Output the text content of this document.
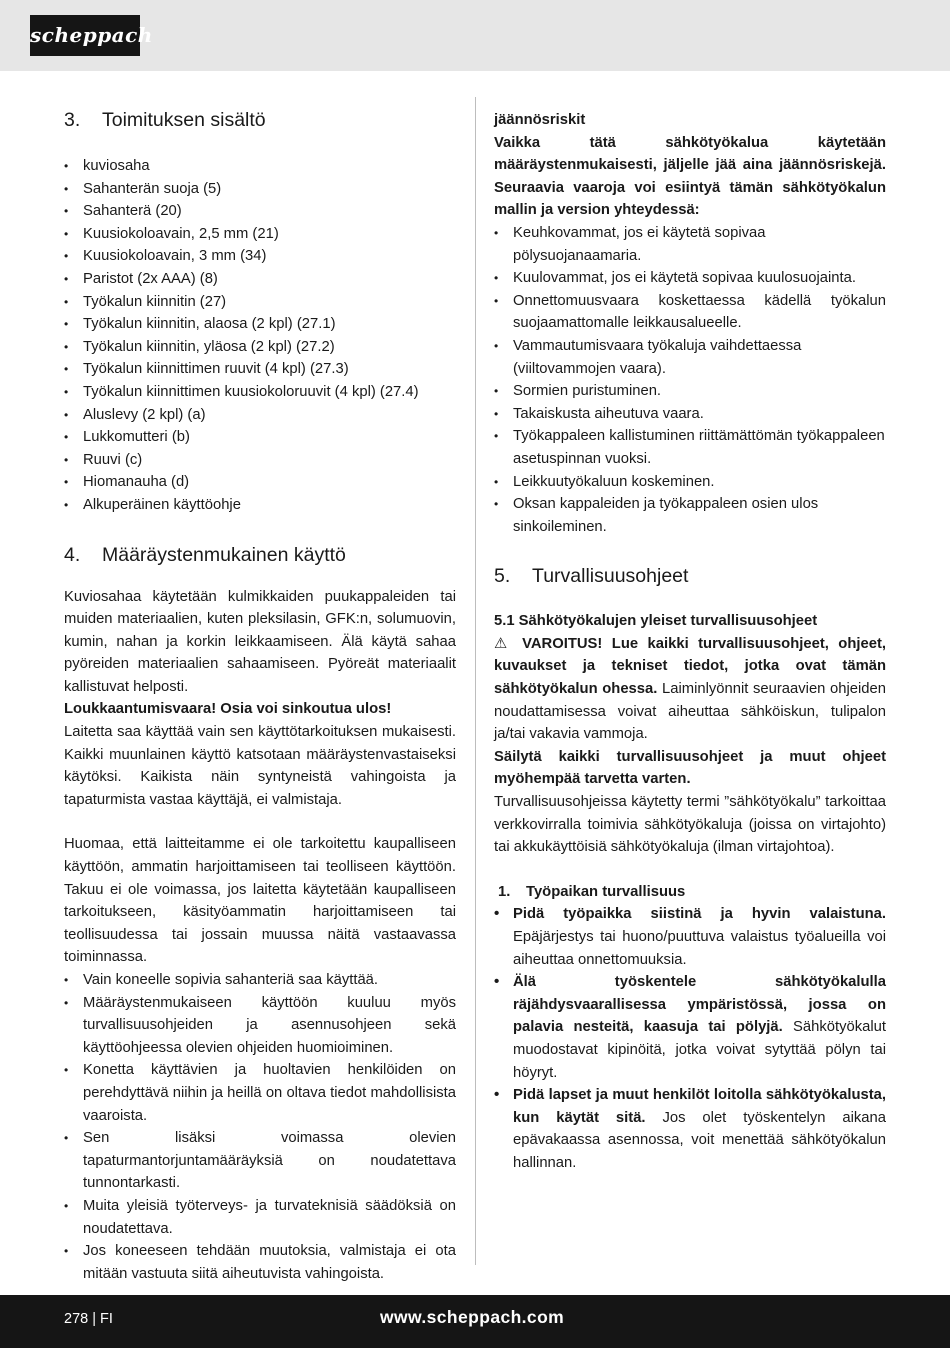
scheppach
3. Toimituksen sisältö
• kuviosaha
• Sahanterän suoja (5)
• Sahanterä (20)
• Kuusiokoloavain, 2,5 mm (21)
• Kuusiokoloavain, 3 mm (34)
• Paristot (2x AAA) (8)
• Työkalun kiinnitin (27)
• Työkalun kiinnitin, alaosa (2 kpl) (27.1)
• Työkalun kiinnitin, yläosa (2 kpl) (27.2)
• Työkalun kiinnittimen ruuvit (4 kpl) (27.3)
• Työkalun kiinnittimen kuusiokoloruuvit (4 kpl) (27.4)
• Aluslevy (2 kpl) (a)
• Lukkomutteri (b)
• Ruuvi (c)
• Hiomanauha (d)
• Alkuperäinen käyttöohje
4. Määräystenmukainen käyttö

Kuviosahaa käytetään kulmikkaiden puukappaleiden tai muiden materiaalien, kuten pleksilasin, GFK:n, solumuovin, kumin, nahan ja korkin leikkaamiseen. Älä käytä sahaa pyöreiden materiaalien sahaamiseen. Pyöreät materiaalit kallistuvat helposti.
Loukkaantumisvaara! Osia voi sinkoutua ulos!
Laitetta saa käyttää vain sen käyttötarkoituksen mukaisesti. Kaikki muunlainen käyttö katsotaan määräystenvastaiseksi käytöksi. Kaikista näin syntyneistä vahingoista ja tapaturmista vastaa käyttäjä, ei valmistaja.

Huomaa, että laitteitamme ei ole tarkoitettu kaupalliseen käyttöön, ammatin harjoittamiseen tai teolliseen käyttöön. Takuu ei ole voimassa, jos laitetta käytetään kaupalliseen tarkoitukseen, käsityöammatin harjoittamiseen tai teollisuudessa tai jossain muussa näitä vastaavassa toiminnassa.

• Vain koneelle sopivia sahanteriä saa käyttää.
• Määräystenmukaiseen käyttöön kuuluu myös turvallisuusohjeiden ja asennusohjeen sekä käyttöohjeessa olevien ohjeiden huomioiminen.
• Konetta käyttävien ja huoltavien henkilöiden on perehdyttävä niihin ja heillä on oltava tiedot mahdollisista vaaroista.
• Sen lisäksi voimassa olevien tapaturmantorjuntamääräyksiä on noudatettava tunnontarkasti.
• Muita yleisiä työterveys- ja turvateknisiä säädöksiä on noudatettava.
• Jos koneeseen tehdään muutoksia, valmistaja ei ota mitään vastuuta siitä aiheutuvista vahingoista.
jäännösriskit

Vaikka tätä sähkötyökalua käytetään määräystenmukaisesti, jäljelle jää aina jäännösriskejä. Seuraavia vaaroja voi esiintyä tämän sähkötyökalun mallin ja version yhteydessä:

• Keuhkovammat, jos ei käytetä sopivaa pölysuojanaamaria.
• Kuulovammat, jos ei käytetä sopivaa kuulosuojainta.
• Onnettomuusvaara koskettaessa kädellä työkalun suojaamattomalle leikkausalueelle.
• Vammautumisvaara työkaluja vaihdettaessa (viiltovammojen vaara).
• Sormien puristuminen.
• Takaiskusta aiheutuva vaara.
• Työkappaleen kallistuminen riittämättömän työkappaleen asetuspinnan vuoksi.
• Leikkuutyökaluun koskeminen.
• Oksan kappaleiden ja työkappaleen osien ulos sinkoileminen.
5. Turvallisuusohjeet
5.1 Sähkötyökalujen yleiset turvallisuusohjeet

⚠ VAROITUS! Lue kaikki turvallisuusohjeet, ohjeet, kuvaukset ja tekniset tiedot, jotka ovat tämän sähkötyökalun ohessa. Laiminlyönnit seuraavien ohjeiden noudattamisessa voivat aiheuttaa sähköiskun, tulipalon ja/tai vakavia vammoja.

Säilytä kaikki turvallisuusohjeet ja muut ohjeet myöhempää tarvetta varten.

Turvallisuusohjeissa käytetty termi ”sähkötyökalu” tarkoittaa verkkovirralla toimivia sähkötyökaluja (joissa on virtajohto) tai akkukäyttöisiä sähkötyökaluja (ilman virtajohtoa).

1. Työpaikan turvallisuus
• Pidä työpaikka siistinä ja hyvin valaistuna. Epäjärjestys tai huono/puuttuva valaistus työalueilla voi aiheuttaa onnettomuuksia.
• Älä työskentele sähkötyökalulla räjähdysvaarallisessa ympäristössä, jossa on palavia nesteitä, kaasuja tai pölyjä. Sähkötyökalut muodostavat kipinöitä, jotka voivat sytyttää pölyn tai höyryt.
• Pidä lapset ja muut henkilöt loitolla sähkötyökalusta, kun käytät sitä. Jos olet työskentelyn aikana epävakaassa asennossa, voit menettää sähkötyökalun hallinnan.
278 | FI	www.scheppach.com
